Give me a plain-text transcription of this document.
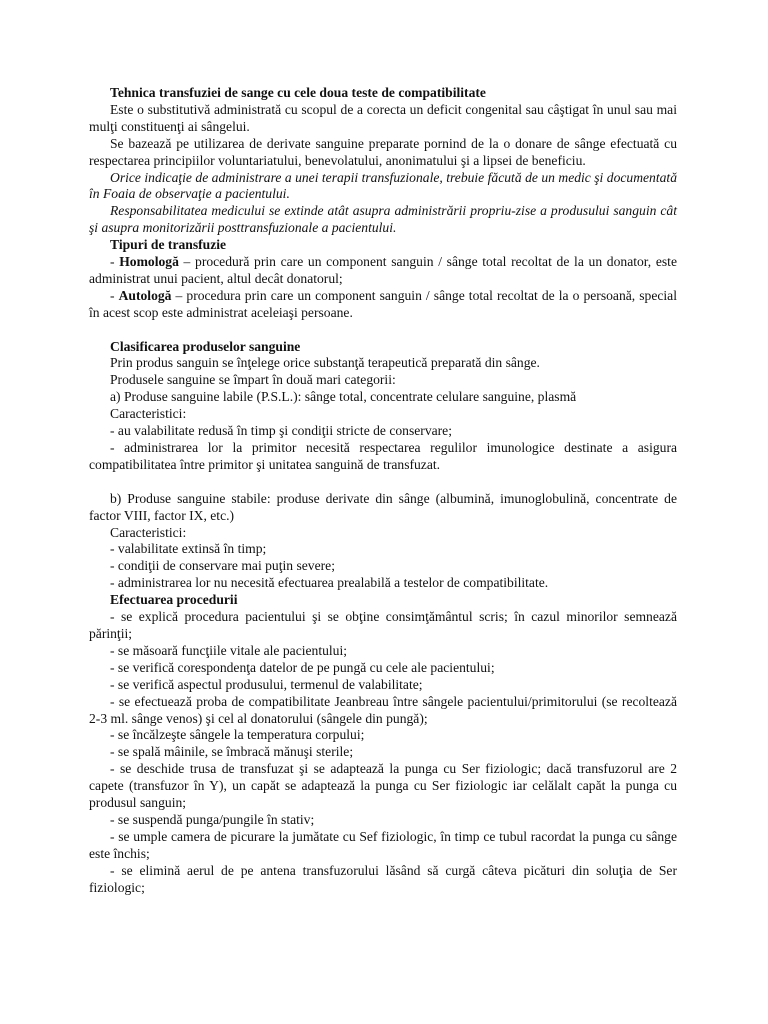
Tehnica transfuziei de sange cu cele doua teste de compatibilitate

Este o substitutivă administrată cu scopul de a corecta un deficit congenital sau câştigat în unul sau mai mulţi constituenţi ai sângelui.

Se bazează pe utilizarea de derivate sanguine preparate pornind de la o donare de sânge efectuată cu respectarea principiilor voluntariatului, benevolatului, anonimatului şi a lipsei de beneficiu.

Orice indicaţie de administrare a unei terapii transfuzionale, trebuie făcută de un medic şi documentată în Foaia de observaţie a pacientului.

Responsabilitatea medicului se extinde atât asupra administrării propriu-zise a produsului sanguin cât şi asupra monitorizării posttransfuzionale a pacientului.

Tipuri de transfuzie

- Homologă – procedură prin care un component sanguin / sânge total recoltat de la un donator, este administrat unui pacient, altul decât donatorul;

- Autologă – procedura prin care un component sanguin / sânge total recoltat de la o persoană, special în acest scop este administrat aceleiaşi persoane.

Clasificarea produselor sanguine

Prin produs sanguin se înţelege orice substanţă terapeutică preparată din sânge.

Produsele sanguine se împart în două mari categorii:

a) Produse sanguine labile (P.S.L.): sânge total, concentrate celulare sanguine, plasmă

Caracteristici:

- au valabilitate redusă în timp şi condiţii stricte de conservare;

- administrarea lor la primitor necesită respectarea regulilor imunologice destinate a asigura compatibilitatea între primitor şi unitatea sanguină de transfuzat.

b) Produse sanguine stabile: produse derivate din sânge (albumină, imunoglobulină, concentrate de factor VIII, factor IX, etc.)

Caracteristici:

- valabilitate extinsă în timp;

- condiţii de conservare mai puţin severe;

- administrarea lor nu necesită efectuarea prealabilă a testelor de compatibilitate.

Efectuarea procedurii

- se explică procedura pacientului şi se obţine consimţământul scris; în cazul minorilor semnează părinţii;

- se măsoară funcţiile vitale ale pacientului;

- se verifică corespondenţa datelor de pe pungă cu cele ale pacientului;

- se verifică aspectul produsului, termenul de valabilitate;

- se efectuează proba de compatibilitate Jeanbreau între sângele pacientului/primitorului (se recoltează 2-3 ml. sânge venos) şi cel al donatorului (sângele din pungă);

- se încălzeşte sângele la temperatura corpului;

- se spală mâinile, se îmbracă mănuşi sterile;

- se deschide trusa de transfuzat şi se adaptează la punga cu Ser fiziologic; dacă transfuzorul are 2 capete (transfuzor în Y), un capăt se adaptează la punga cu Ser fiziologic iar celălalt capăt la punga cu produsul sanguin;

- se suspendă punga/pungile în stativ;

- se umple camera de picurare la jumătate cu Sef fiziologic, în timp ce tubul racordat la punga cu sânge este închis;

- se elimină aerul de pe antena transfuzorului lăsând să curgă câteva picături din soluţia de Ser fiziologic;
